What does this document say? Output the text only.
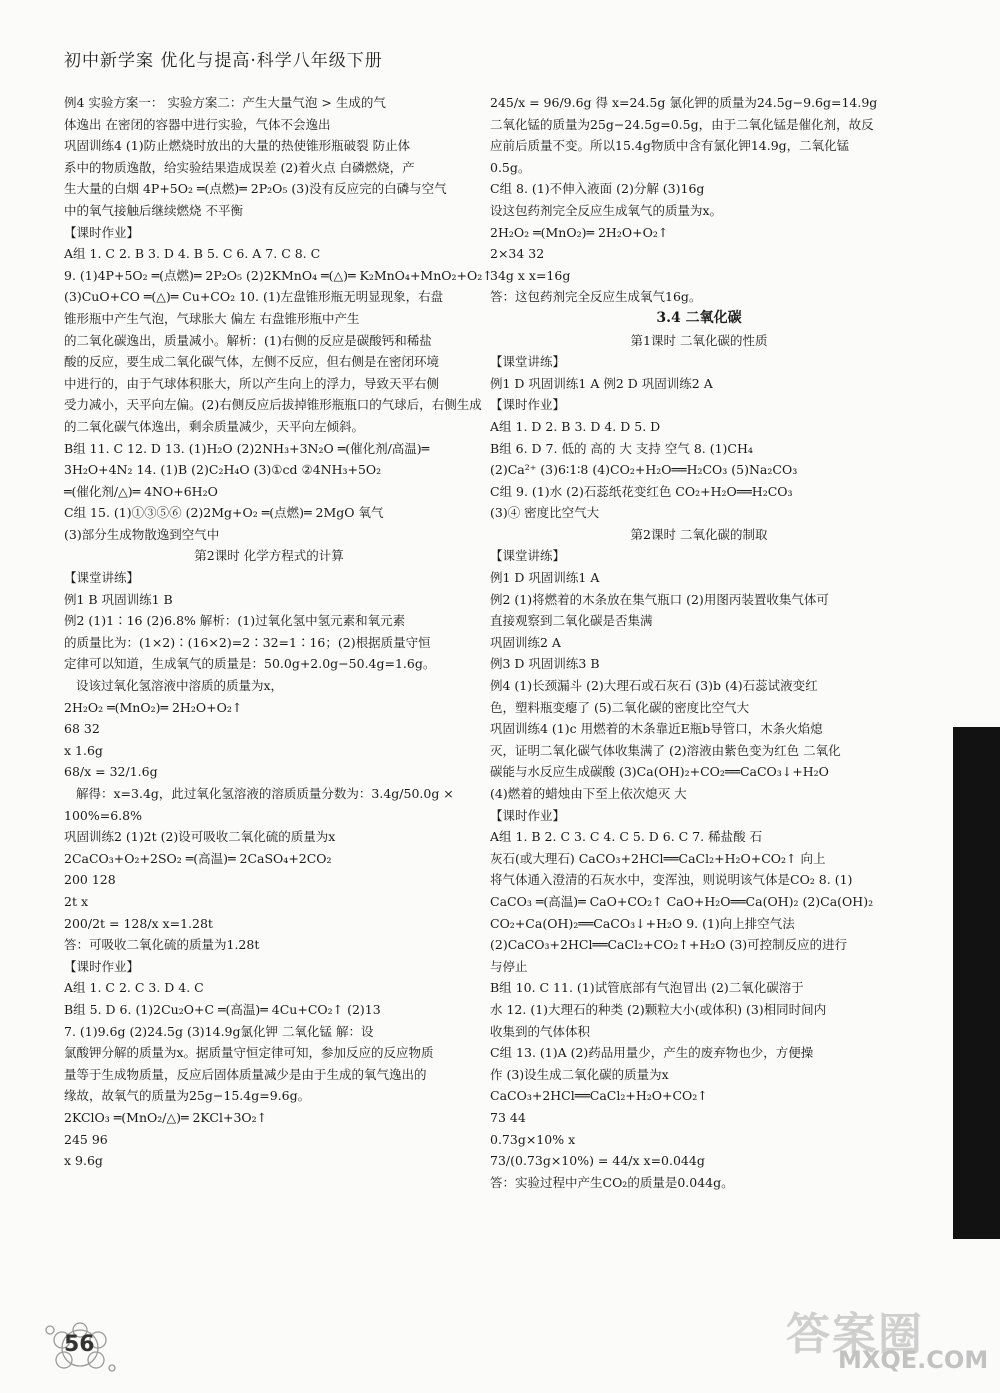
初中新学案 优化与提高·科学八年级下册
例4 实验方案一： 实验方案二：产生大量气泡 > 生成的气
体逸出 在密闭的容器中进行实验，气体不会逸出
巩固训练4 (1)防止燃烧时放出的大量的热使锥形瓶破裂 防止体
系中的物质逸散，给实验结果造成误差 (2)着火点 白磷燃烧，产
生大量的白烟 4P+5O₂ ═(点燃)═ 2P₂O₅ (3)没有反应完的白磷与空气
中的氧气接触后继续燃烧 不平衡
【课时作业】
A组 1. C 2. B 3. D 4. B 5. C 6. A 7. C 8. C
9. (1)4P+5O₂ ═(点燃)═ 2P₂O₅ (2)2KMnO₄ ═(△)═ K₂MnO₄+MnO₂+O₂↑
(3)CuO+CO ═(△)═ Cu+CO₂ 10. (1)左盘锥形瓶无明显现象，右盘
锥形瓶中产生气泡，气球胀大 偏左 右盘锥形瓶中产生
的二氧化碳逸出，质量减小。解析：(1)右侧的反应是碳酸钙和稀盐
酸的反应，要生成二氧化碳气体，左侧不反应，但右侧是在密闭环境
中进行的，由于气球体积胀大，所以产生向上的浮力，导致天平右侧
受力减小，天平向左偏。(2)右侧反应后拔掉锥形瓶瓶口的气球后，右侧生成
的二氧化碳气体逸出，剩余质量减少，天平向左倾斜。
B组 11. C 12. D 13. (1)H₂O (2)2NH₃+3N₂O ═(催化剂/高温)═
3H₂O+4N₂ 14. (1)B (2)C₂H₄O (3)①cd ②4NH₃+5O₂
═(催化剂/△)═ 4NO+6H₂O
C组 15. (1)①③⑤⑥ (2)2Mg+O₂ ═(点燃)═ 2MgO 氧气
(3)部分生成物散逸到空气中
第2课时 化学方程式的计算
【课堂讲练】
例1 B 巩固训练1 B
例2 (1)1∶16 (2)6.8% 解析：(1)过氧化氢中氢元素和氧元素
的质量比为：(1×2)∶(16×2)=2∶32=1∶16；(2)根据质量守恒
定律可以知道，生成氧气的质量是：50.0g+2.0g−50.4g=1.6g。
设该过氧化氢溶液中溶质的质量为x，
2H₂O₂ ═(MnO₂)═ 2H₂O+O₂↑
68 32
x 1.6g
68/x = 32/1.6g
解得：x=3.4g，此过氧化氢溶液的溶质质量分数为：3.4g/50.0g ×
100%=6.8%
巩固训练2 (1)2t (2)设可吸收二氧化硫的质量为x
2CaCO₃+O₂+2SO₂ ═(高温)═ 2CaSO₄+2CO₂
200 128
2t x
200/2t = 128/x x=1.28t
答：可吸收二氧化硫的质量为1.28t
【课时作业】
A组 1. C 2. C 3. D 4. C
B组 5. D 6. (1)2Cu₂O+C ═(高温)═ 4Cu+CO₂↑ (2)13
7. (1)9.6g (2)24.5g (3)14.9g氯化钾 二氧化锰 解：设
氯酸钾分解的质量为x。据质量守恒定律可知，参加反应的反应物质
量等于生成物质量，反应后固体质量减少是由于生成的氧气逸出的
缘故，故氧气的质量为25g−15.4g=9.6g。
2KClO₃ ═(MnO₂/△)═ 2KCl+3O₂↑
245 96
x 9.6g
245/x = 96/9.6g 得 x=24.5g 氯化钾的质量为24.5g−9.6g=14.9g
二氧化锰的质量为25g−24.5g=0.5g，由于二氧化锰是催化剂，故反
应前后质量不变。所以15.4g物质中含有氯化钾14.9g，二氧化锰
0.5g。
C组 8. (1)不伸入液面 (2)分解 (3)16g
设这包药剂完全反应生成氧气的质量为x。
2H₂O₂ ═(MnO₂)═ 2H₂O+O₂↑
2×34 32
34g x x=16g
答：这包药剂完全反应生成氧气16g。
3.4 二氧化碳
第1课时 二氧化碳的性质
【课堂讲练】
例1 D 巩固训练1 A 例2 D 巩固训练2 A
【课时作业】
A组 1. D 2. B 3. D 4. D 5. D
B组 6. D 7. 低的 高的 大 支持 空气 8. (1)CH₄
(2)Ca²⁺ (3)6∶1∶8 (4)CO₂+H₂O══H₂CO₃ (5)Na₂CO₃
C组 9. (1)水 (2)石蕊纸花变红色 CO₂+H₂O══H₂CO₃
(3)④ 密度比空气大
第2课时 二氧化碳的制取
【课堂讲练】
例1 D 巩固训练1 A
例2 (1)将燃着的木条放在集气瓶口 (2)用图丙装置收集气体可
直接观察到二氧化碳是否集满
巩固训练2 A
例3 D 巩固训练3 B
例4 (1)长颈漏斗 (2)大理石或石灰石 (3)b (4)石蕊试液变红
色，塑料瓶变瘪了 (5)二氧化碳的密度比空气大
巩固训练4 (1)c 用燃着的木条靠近E瓶b导管口，木条火焰熄
灭，证明二氧化碳气体收集满了 (2)溶液由紫色变为红色 二氧化
碳能与水反应生成碳酸 (3)Ca(OH)₂+CO₂══CaCO₃↓+H₂O
(4)燃着的蜡烛由下至上依次熄灭 大
【课时作业】
A组 1. B 2. C 3. C 4. C 5. D 6. C 7. 稀盐酸 石
灰石(或大理石) CaCO₃+2HCl══CaCl₂+H₂O+CO₂↑ 向上
将气体通入澄清的石灰水中，变浑浊，则说明该气体是CO₂ 8. (1)
CaCO₃ ═(高温)═ CaO+CO₂↑ CaO+H₂O══Ca(OH)₂ (2)Ca(OH)₂
CO₂+Ca(OH)₂══CaCO₃↓+H₂O 9. (1)向上排空气法
(2)CaCO₃+2HCl══CaCl₂+CO₂↑+H₂O (3)可控制反应的进行
与停止
B组 10. C 11. (1)试管底部有气泡冒出 (2)二氧化碳溶于
水 12. (1)大理石的种类 (2)颗粒大小(或体积) (3)相同时间内
收集到的气体体积
C组 13. (1)A (2)药品用量少，产生的废弃物也少，方便操
作 (3)设生成二氧化碳的质量为x
CaCO₃+2HCl══CaCl₂+H₂O+CO₂↑
73 44
0.73g×10% x
73/(0.73g×10%) = 44/x x=0.044g
答：实验过程中产生CO₂的质量是0.044g。
56	答案圈
MXQE.COM
